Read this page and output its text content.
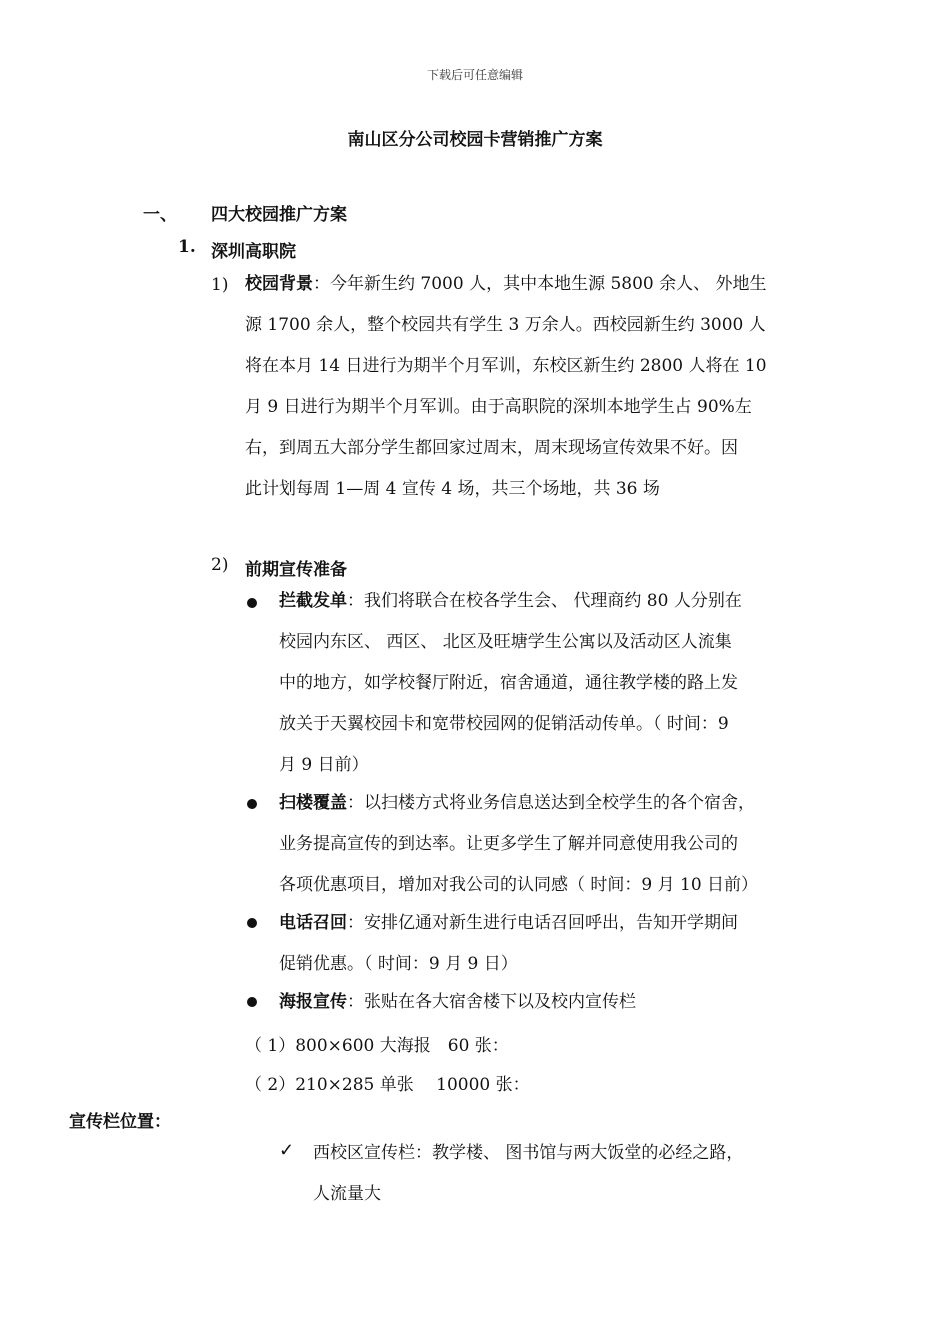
下载后可任意编辑
南山区分公司校园卡营销推广方案
一、 四大校园推广方案
1. 深圳高职院
1) 校园背景：今年新生约 7000 人，其中本地生源 5800 余人、 外地生
源 1700 余人，整个校园共有学生 3 万余人。西校园新生约 3000 人
将在本月 14 日进行为期半个月军训，东校区新生约 2800 人将在 10
月 9 日进行为期半个月军训。由于高职院的深圳本地学生占 90%左
右，到周五大部分学生都回家过周末，周末现场宣传效果不好。因
此计划每周 1—周 4 宣传 4 场，共三个场地，共 36 场
2) 前期宣传准备
拦截发单：我们将联合在校各学生会、 代理商约 80 人分别在
校园内东区、 西区、 北区及旺塘学生公寓以及活动区人流集
中的地方，如学校餐厅附近，宿舍通道，通往教学楼的路上发
放关于天翼校园卡和宽带校园网的促销活动传单。（ 时间：9
月 9 日前）
扫楼覆盖：以扫楼方式将业务信息送达到全校学生的各个宿舍，
业务提高宣传的到达率。让更多学生了解并同意使用我公司的
各项优惠项目，增加对我公司的认同感（ 时间：9 月 10 日前）
电话召回：安排亿通对新生进行电话召回呼出，告知开学期间
促销优惠。（ 时间：9 月 9 日）
海报宣传：张贴在各大宿舍楼下以及校内宣传栏
（ 1）800×600 大海报　60 张：
（ 2）210×285 单张　 10000 张：
宣传栏位置：
✓ 西校区宣传栏：教学楼、 图书馆与两大饭堂的必经之路，
人流量大
